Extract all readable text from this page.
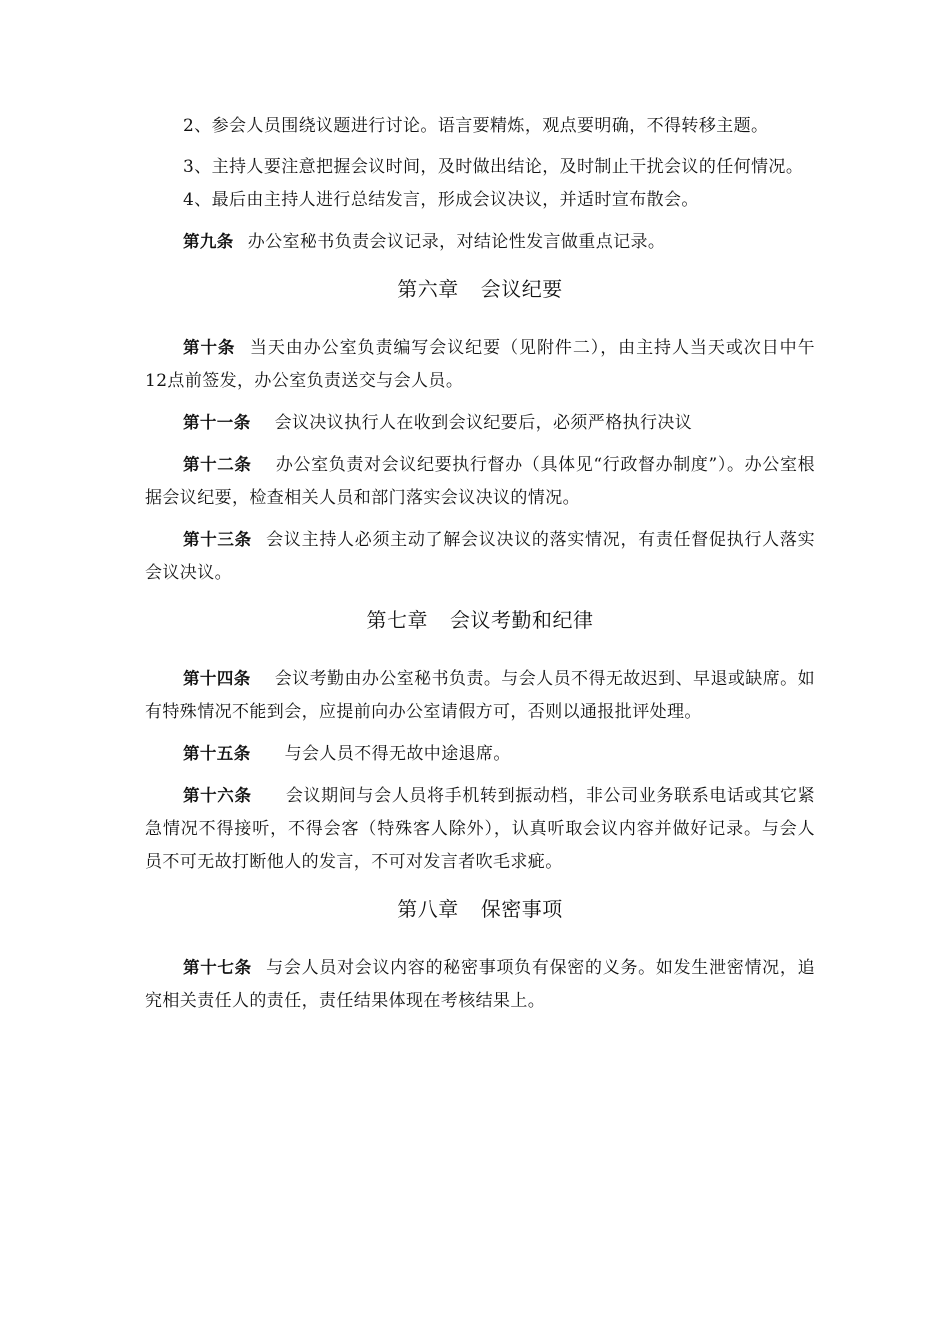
2、参会人员围绕议题进行讨论。语言要精炼，观点要明确，不得转移主题。

3、主持人要注意把握会议时间，及时做出结论，及时制止干扰会议的任何情况。

4、最后由主持人进行总结发言，形成会议决议，并适时宣布散会。

第九条 办公室秘书负责会议记录，对结论性发言做重点记录。

第六章 会议纪要

第十条 当天由办公室负责编写会议纪要（见附件二），由主持人当天或次日中午12点前签发，办公室负责送交与会人员。

第十一条 会议决议执行人在收到会议纪要后，必须严格执行决议

第十二条 办公室负责对会议纪要执行督办（具体见“行政督办制度”）。办公室根据会议纪要，检查相关人员和部门落实会议决议的情况。

第十三条 会议主持人必须主动了解会议决议的落实情况，有责任督促执行人落实会议决议。

第七章 会议考勤和纪律

第十四条 会议考勤由办公室秘书负责。与会人员不得无故迟到、早退或缺席。如有特殊情况不能到会，应提前向办公室请假方可，否则以通报批评处理。

第十五条 与会人员不得无故中途退席。

第十六条 会议期间与会人员将手机转到振动档，非公司业务联系电话或其它紧急情况不得接听，不得会客（特殊客人除外），认真听取会议内容并做好记录。与会人员不可无故打断他人的发言，不可对发言者吹毛求疵。

第八章 保密事项

第十七条 与会人员对会议内容的秘密事项负有保密的义务。如发生泄密情况，追究相关责任人的责任，责任结果体现在考核结果上。
